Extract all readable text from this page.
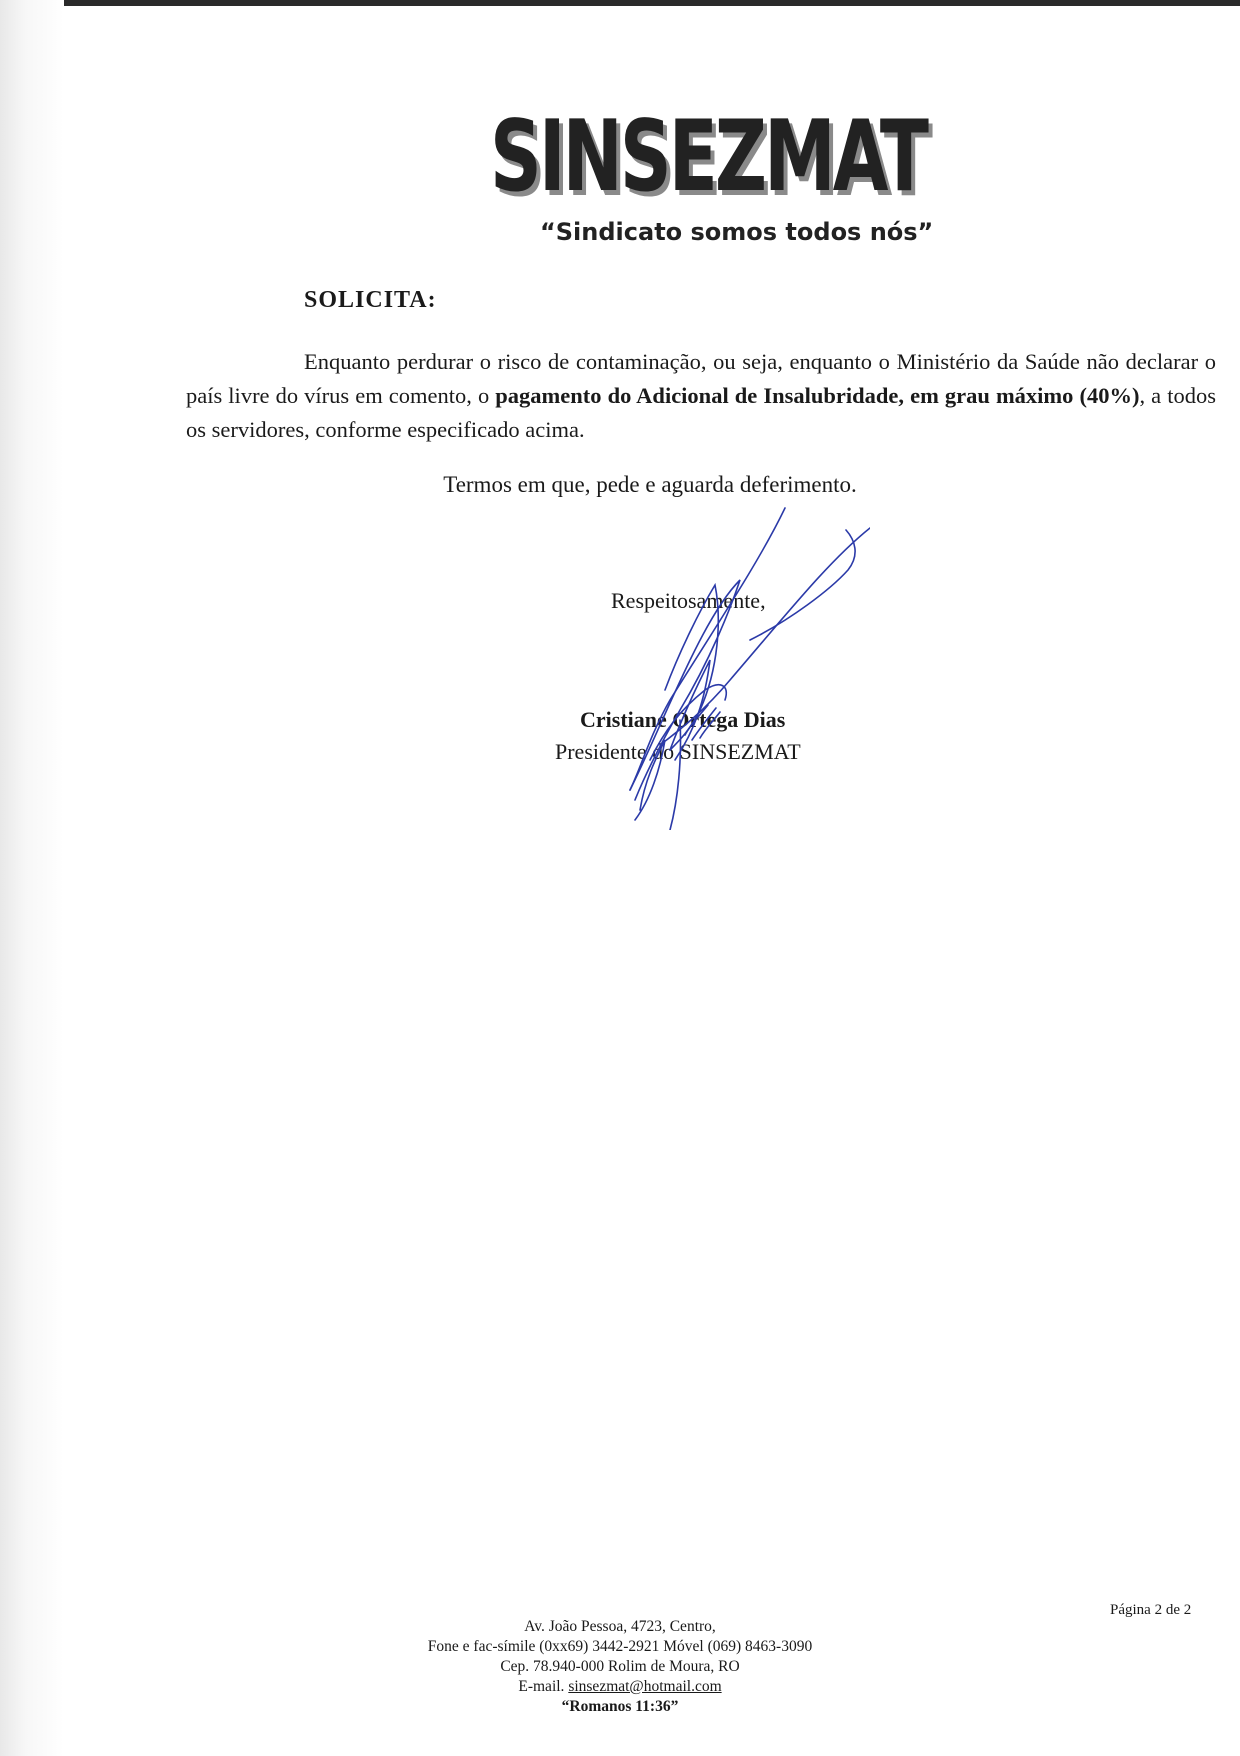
SINSEZMAT
SINSEZMAT
“Sindicato somos todos nós”
SOLICITA:

Enquanto perdurar o risco de contaminação, ou seja, enquanto o Ministério da Saúde não declarar o país livre do vírus em comento, o pagamento do Adicional de Insalubridade, em grau máximo (40%), a todos os servidores, conforme especificado acima.

Termos em que, pede e aguarda deferimento.
Respeitosamente,
Cristiane Ortega Dias
Presidente do SINSEZMAT
Página 2 de 2
Av. João Pessoa, 4723, Centro,
Fone e fac-símile (0xx69) 3442-2921 Móvel (069) 8463-3090
Cep. 78.940-000 Rolim de Moura, RO
E-mail. sinsezmat@hotmail.com
“Romanos 11:36”
